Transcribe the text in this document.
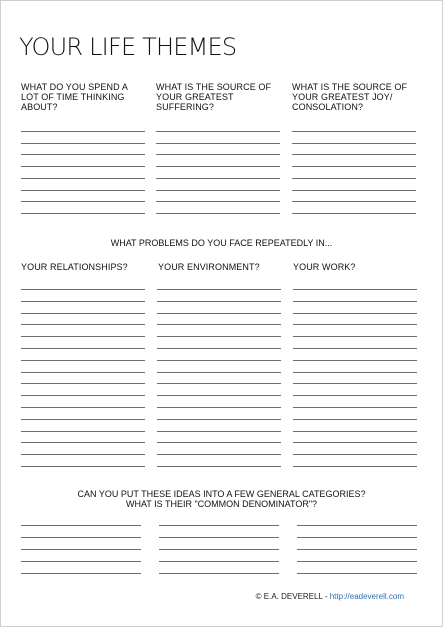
YOUR LIFE THEMES
WHAT DO YOU SPEND A
LOT OF TIME THINKING
ABOUT?
WHAT IS THE SOURCE OF
YOUR GREATEST
SUFFERING?
WHAT IS THE SOURCE OF
YOUR GREATEST JOY/
CONSOLATION?
WHAT PROBLEMS DO YOU FACE REPEATEDLY IN...
YOUR RELATIONSHIPS?	YOUR ENVIRONMENT?	YOUR WORK?
CAN YOU PUT THESE IDEAS INTO A FEW GENERAL CATEGORIES?
WHAT IS THEIR "COMMON DENOMINATOR"?
© E.A. DEVERELL - http://eadeverell.com
